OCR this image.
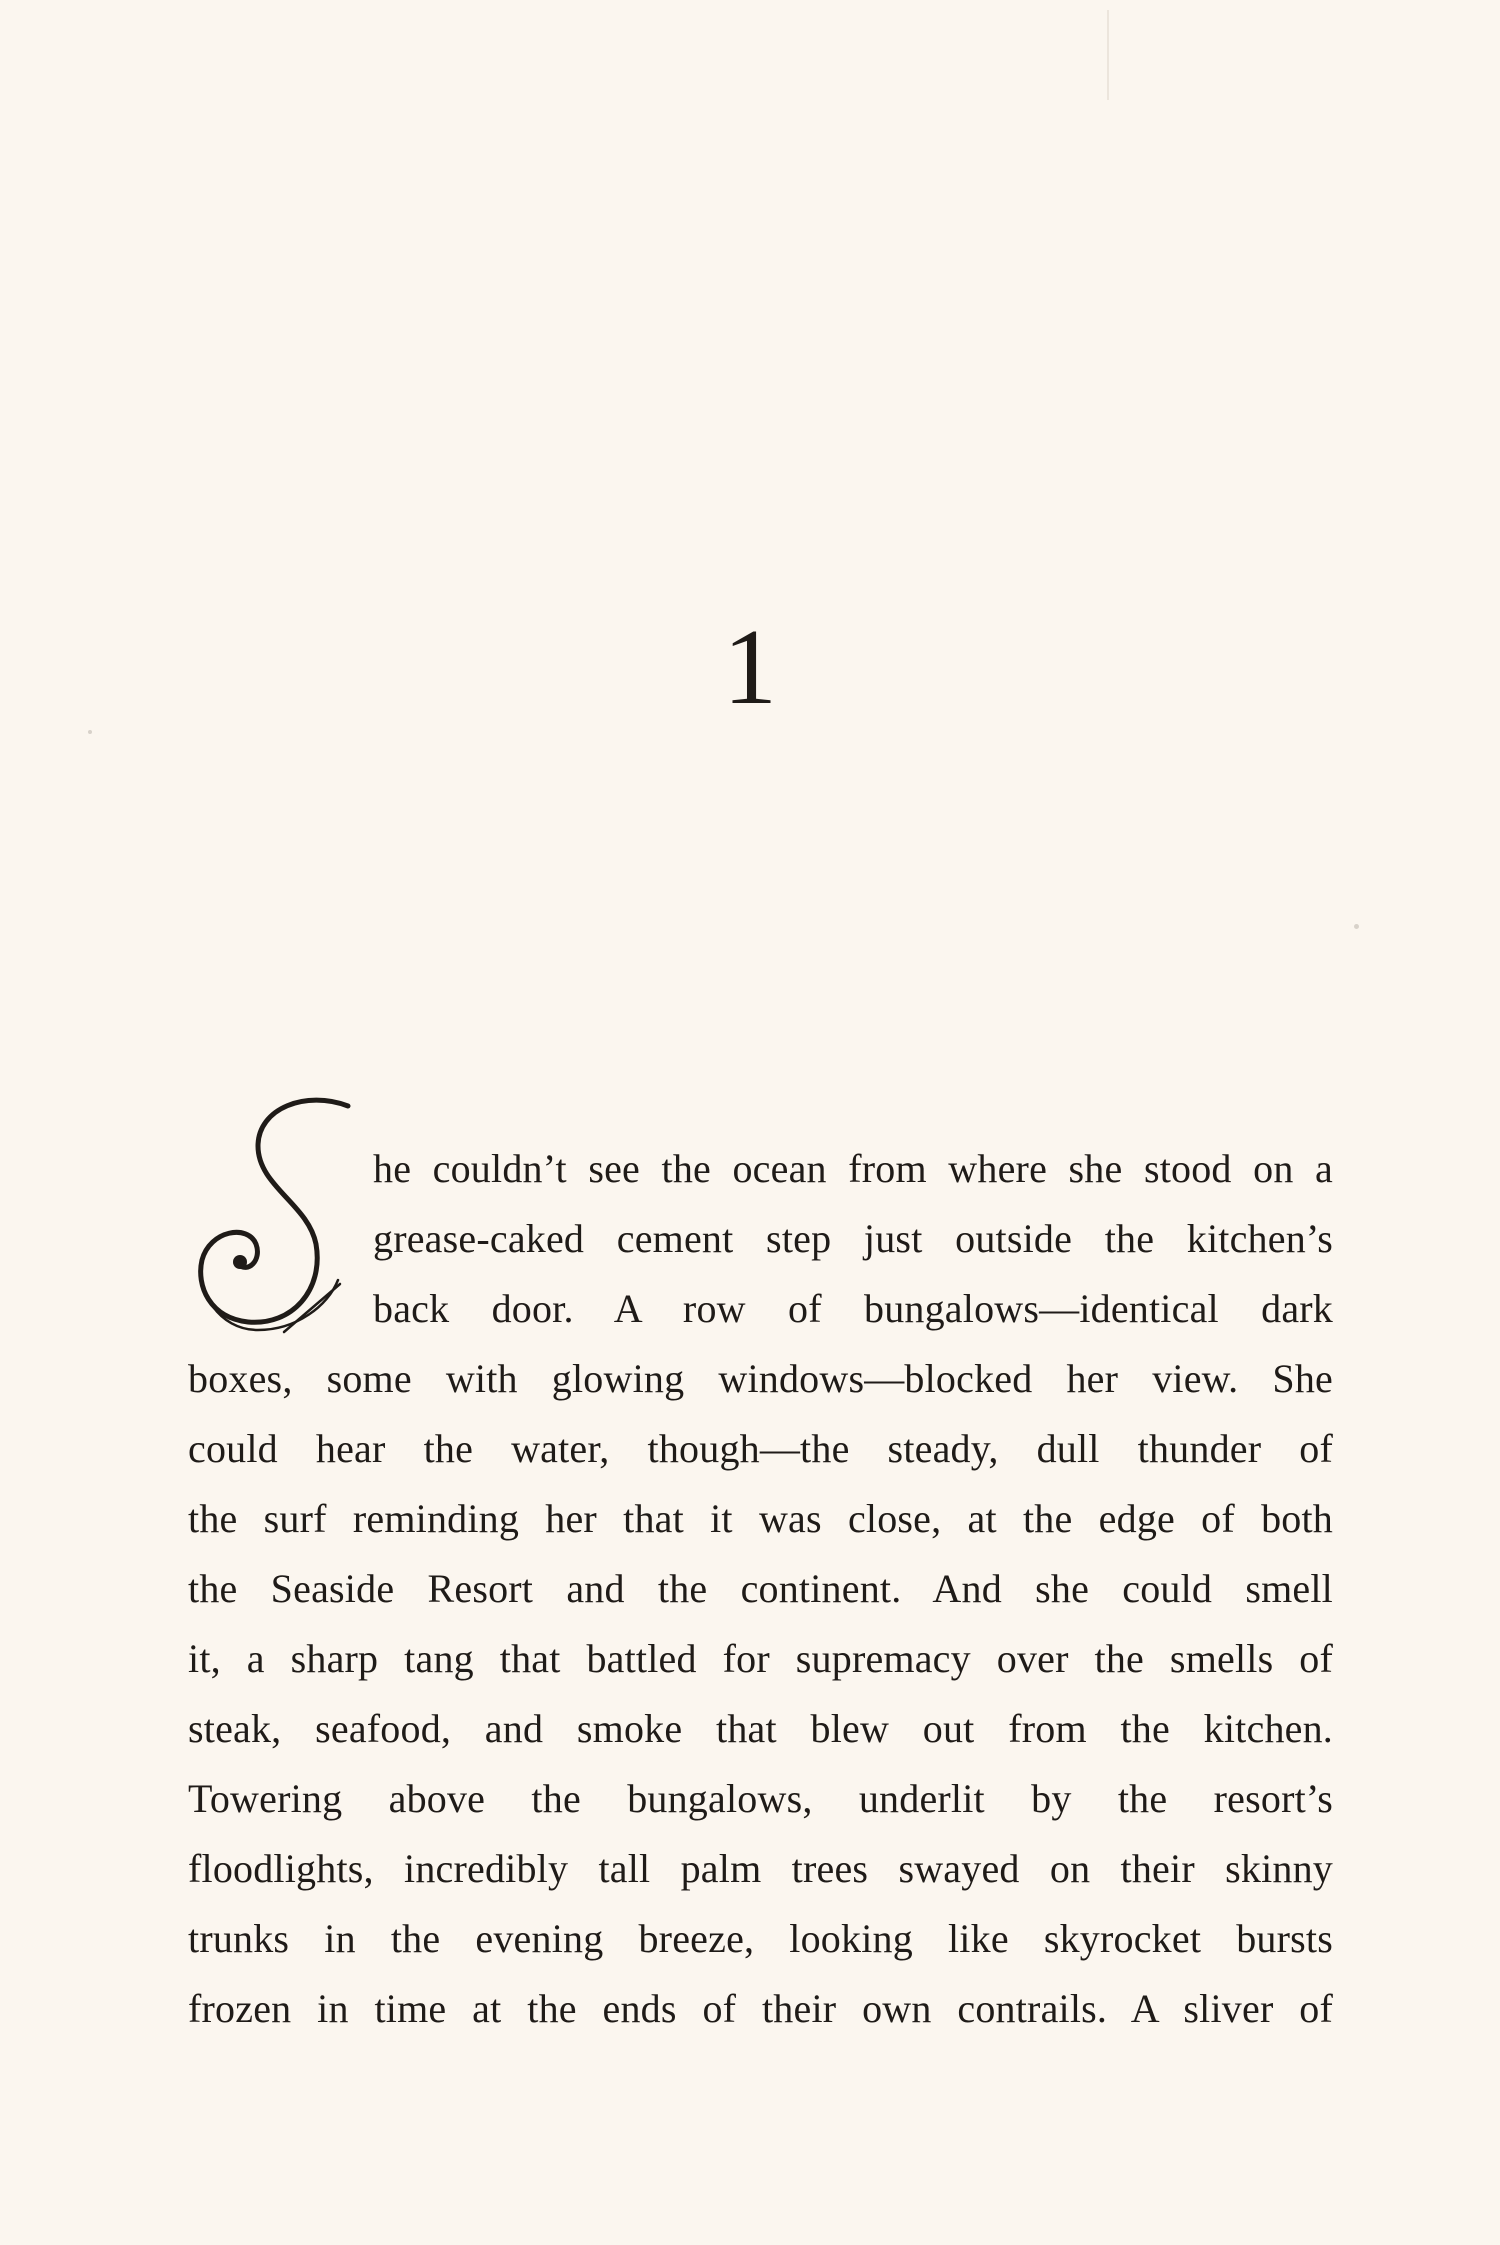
1
he couldn’t see the ocean from where she stood on a
grease-caked cement step just outside the kitchen’s
back door. A row of bungalows—identical dark
boxes, some with glowing windows—blocked her view. She
could hear the water, though—the steady, dull thunder of
the surf reminding her that it was close, at the edge of both
the Seaside Resort and the continent. And she could smell
it, a sharp tang that battled for supremacy over the smells of
steak, seafood, and smoke that blew out from the kitchen.
Towering above the bungalows, underlit by the resort’s
floodlights, incredibly tall palm trees swayed on their skinny
trunks in the evening breeze, looking like skyrocket bursts
frozen in time at the ends of their own contrails. A sliver of
